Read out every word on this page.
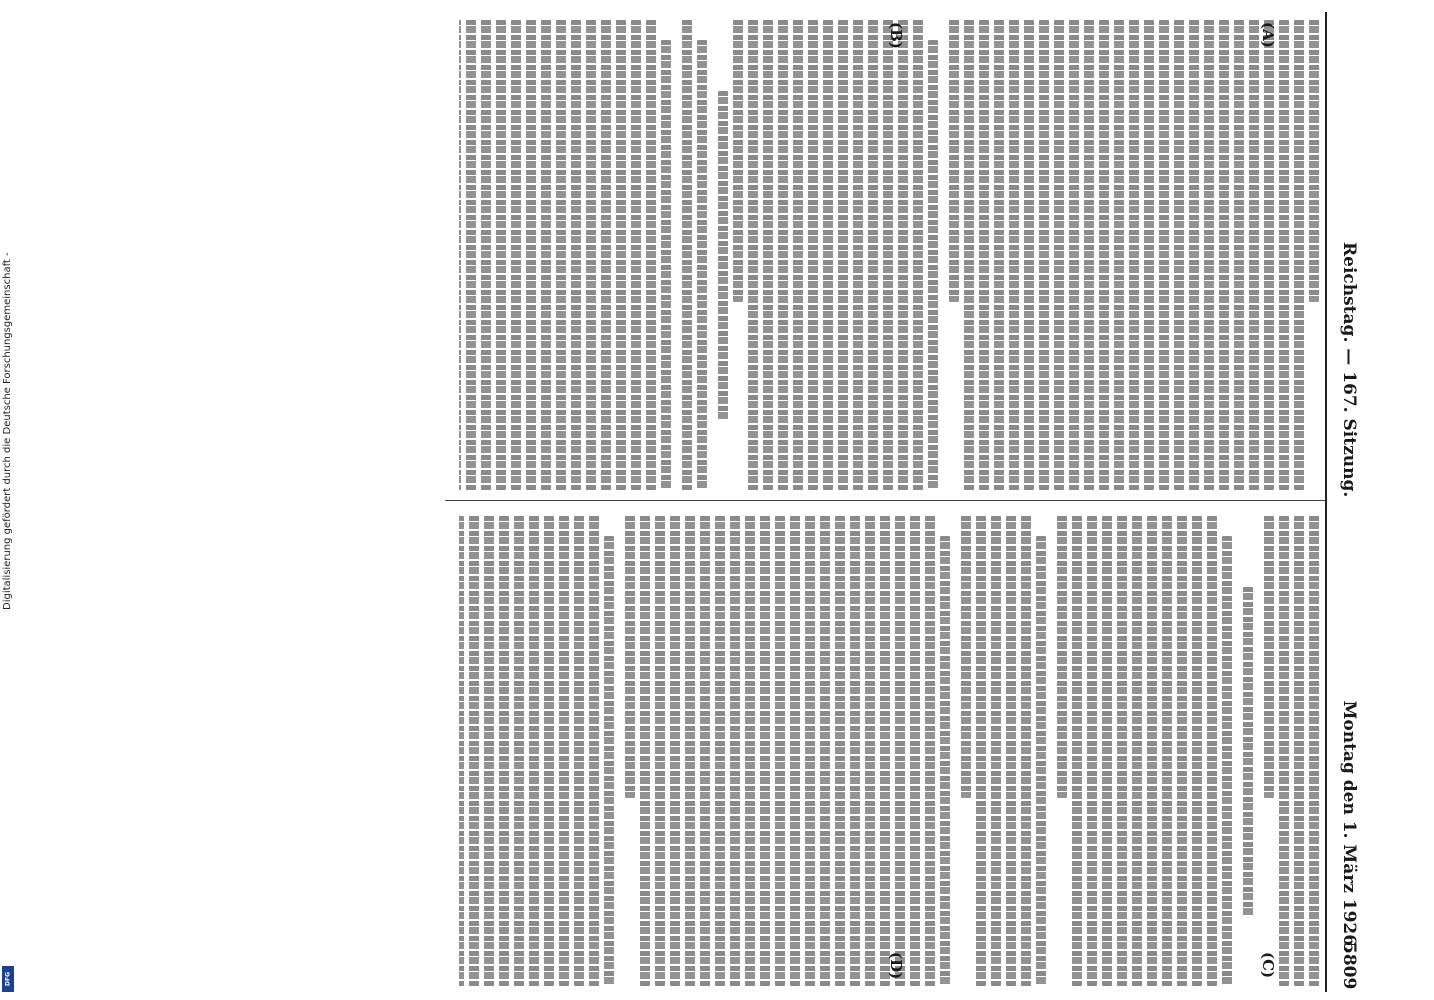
Reichstag. — 167. Sitzung.
Montag den 1. März 1926.
5809
(A)
(B)
(C)
(D)
Digitalisierung gefördert durch die Deutsche Forschungsgemeinschaft -
DFG
